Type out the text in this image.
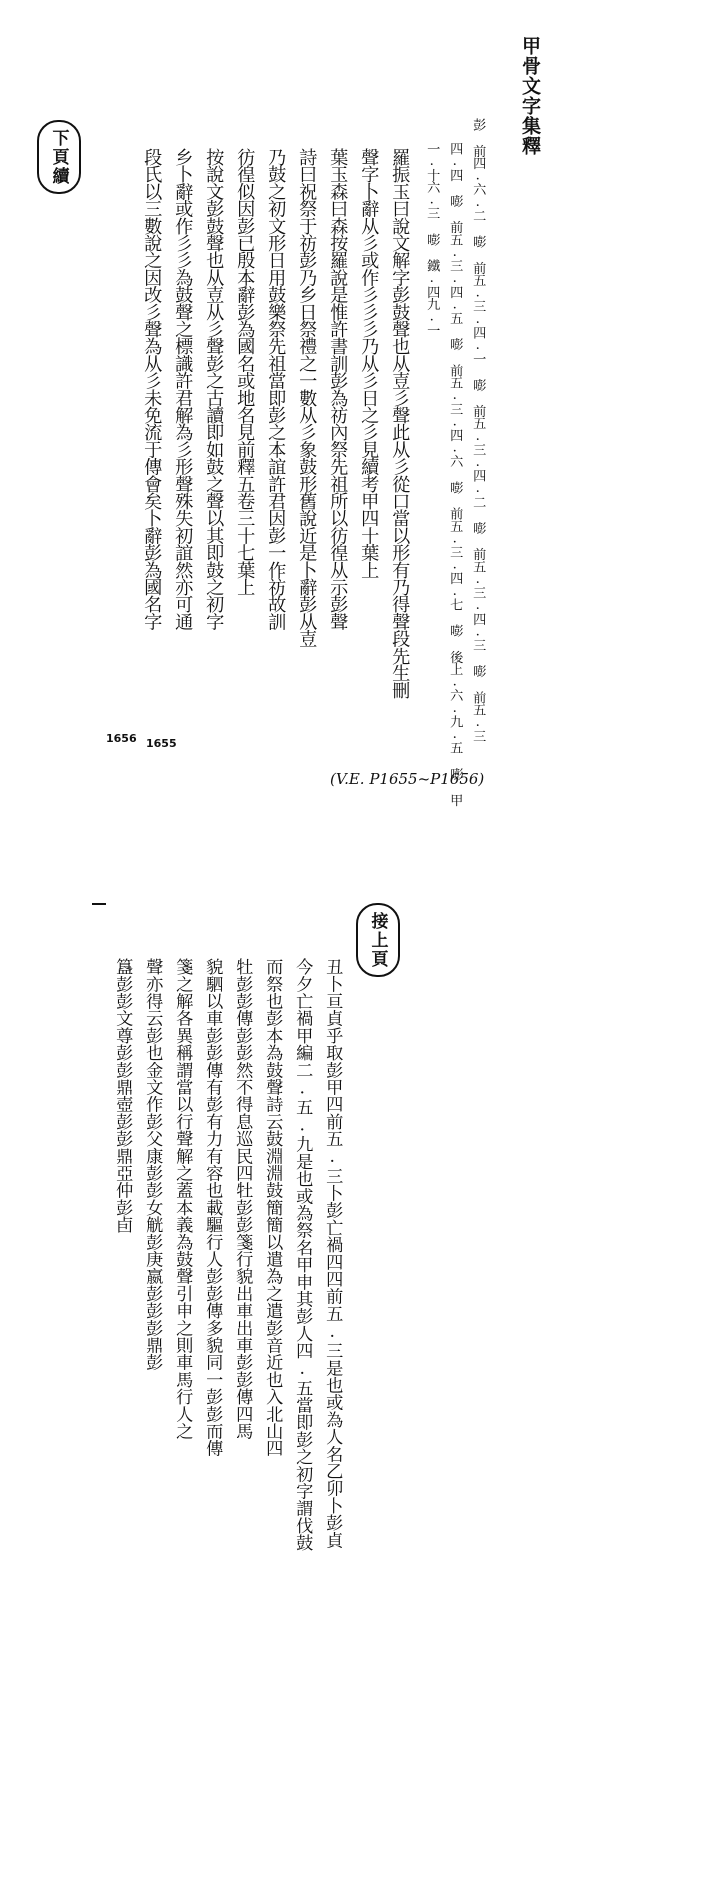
甲骨文字集釋
下頁續	彭 前四.六.二 嘭 前五.三.四.一 嘭 前五.三.四.二 嘭 前五.三.四.三 嘭 前五.三
四.四 嘭 前五.三.四.五 嘭 前五.三.四.六 嘭 前五.三.四.七 嘭 後上.六.九.五 嘭 甲
一.十六.三 嘭 鐵.四九.一
羅振玉曰說文解字彭鼓聲也从壴彡聲此从彡從口當以形有乃得聲段先生刪
聲字卜辭从彡或作彡彡彡乃从彡日之彡見續考甲四十葉上
葉玉森曰森按羅說是惟許書訓彭為祊內祭先祖所以彷徨从示彭聲
詩曰祝祭于祊彭乃乡日祭禮之一數从彡象鼓形舊說近是卜辭彭从壴
乃鼓之初文形日用鼓樂祭先祖當即彭之本誼許君因彭一作祊故訓
彷徨似因彭已殷本辭彭為國名或地名見前釋五卷三十七葉上
按說文彭鼓聲也从壴从彡聲彭之古讀即如鼓之聲以其即鼓之初字
乡卜辭或作彡彡為鼓聲之標識許君解為彡形聲殊失初誼然亦可通
段氏以三數說之因改彡聲為从彡未免流于傳會矣卜辭彭為國名字
1656 1655
(V.E. P1655~P1656)
接上頁
丑卜亘貞乎取彭甲四前五.三卜彭亡禍四四前五.三是也或為人名乙卯卜彭貞
今夕亡禍甲編二.五.九是也或為祭名甲申其彭人四.五當即彭之初字謂伐鼓
而祭也彭本為鼓聲詩云鼓淵淵鼓簡簡以遣為之遣彭音近也入北山四
牡彭彭傳彭彭然不得息巡民四牡彭彭箋行貌出車出車彭彭傳四馬
貌駟以車彭彭傳有彭有力有容也載驅行人彭彭傳多貌同一彭彭而傳
箋之解各異稱謂當以行聲解之蓋本義為鼓聲引申之則車馬行人之
聲亦得云彭也金文作彭父康彭彭女觥彭庚嬴彭彭彭鼎彭
簋彭彭文尊彭彭鼎壺彭彭鼎亞仲彭卣
